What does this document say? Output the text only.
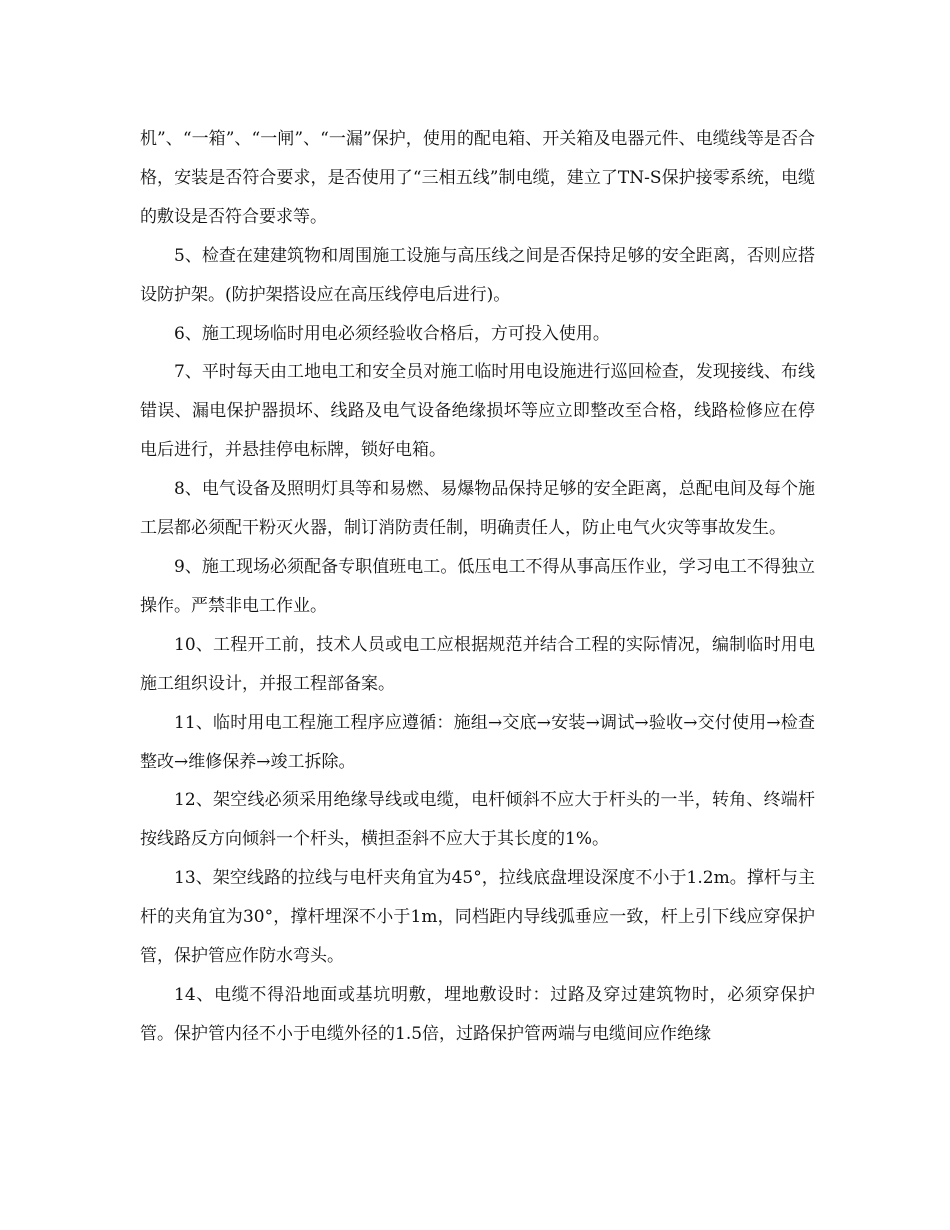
机”、“一箱”、“一闸”、“一漏”保护，使用的配电箱、开关箱及电器元件、电缆线等是否合格，安装是否符合要求，是否使用了“三相五线”制电缆，建立了TN-S保护接零系统，电缆的敷设是否符合要求等。

5、检查在建建筑物和周围施工设施与高压线之间是否保持足够的安全距离，否则应搭设防护架。(防护架搭设应在高压线停电后进行)。

6、施工现场临时用电必须经验收合格后，方可投入使用。

7、平时每天由工地电工和安全员对施工临时用电设施进行巡回检查，发现接线、布线错误、漏电保护器损坏、线路及电气设备绝缘损坏等应立即整改至合格，线路检修应在停电后进行，并悬挂停电标牌，锁好电箱。

8、电气设备及照明灯具等和易燃、易爆物品保持足够的安全距离，总配电间及每个施工层都必须配干粉灭火器，制订消防责任制，明确责任人，防止电气火灾等事故发生。

9、施工现场必须配备专职值班电工。低压电工不得从事高压作业，学习电工不得独立操作。严禁非电工作业。

10、工程开工前，技术人员或电工应根据规范并结合工程的实际情况，编制临时用电施工组织设计，并报工程部备案。

11、临时用电工程施工程序应遵循：施组→交底→安装→调试→验收→交付使用→检查整改→维修保养→竣工拆除。

12、架空线必须采用绝缘导线或电缆，电杆倾斜不应大于杆头的一半，转角、终端杆按线路反方向倾斜一个杆头，横担歪斜不应大于其长度的1%。

13、架空线路的拉线与电杆夹角宜为45°，拉线底盘埋设深度不小于1.2m。撑杆与主杆的夹角宜为30°，撑杆埋深不小于1m，同档距内导线弧垂应一致，杆上引下线应穿保护管，保护管应作防水弯头。

14、电缆不得沿地面或基坑明敷，埋地敷设时：过路及穿过建筑物时，必须穿保护管。保护管内径不小于电缆外径的1.5倍，过路保护管两端与电缆间应作绝缘
